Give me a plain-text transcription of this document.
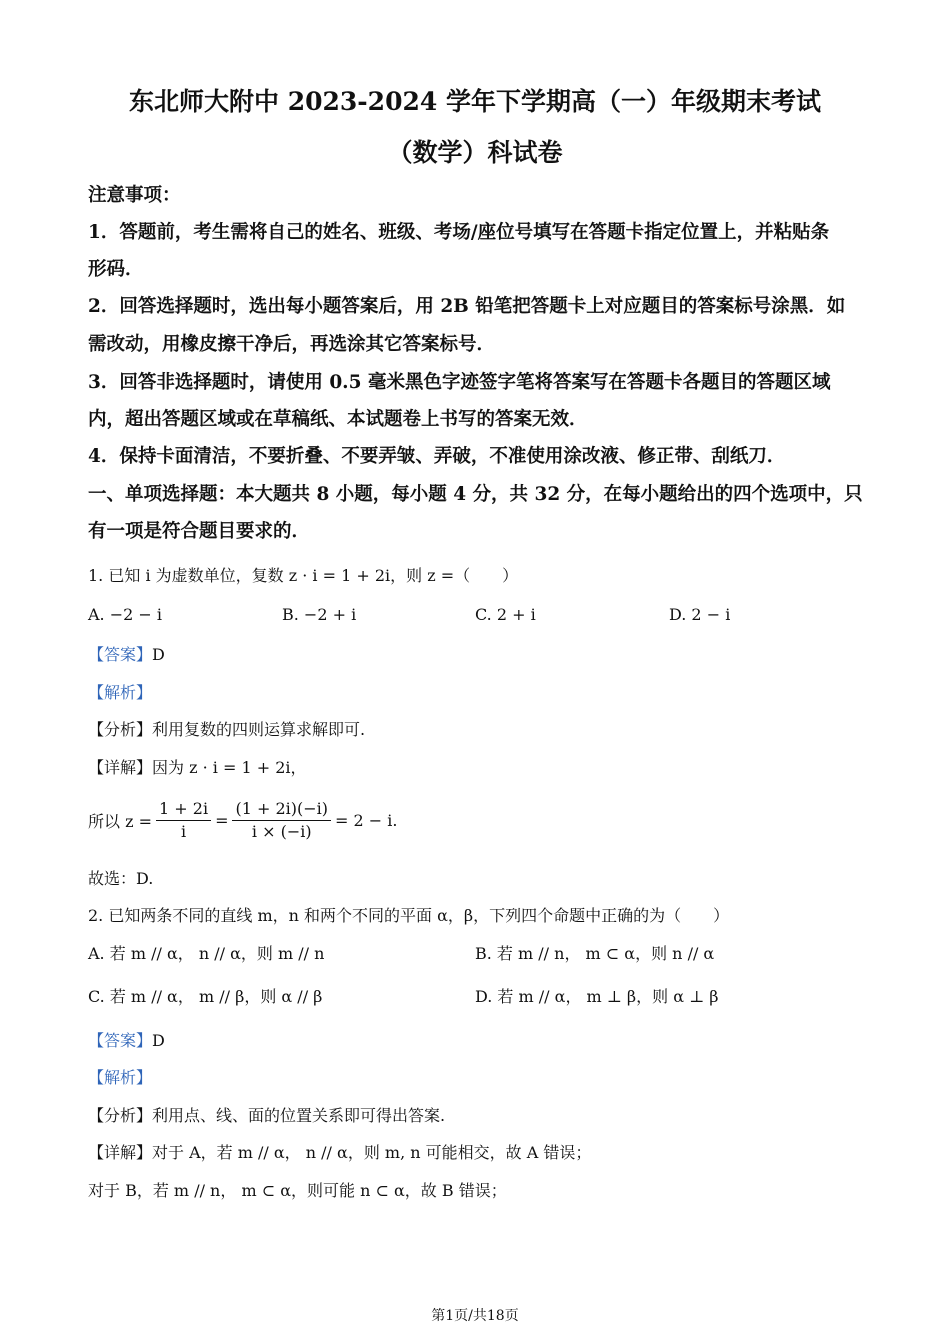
东北师大附中 2023-2024 学年下学期高（一）年级期末考试
（数学）科试卷
注意事项：
1．答题前，考生需将自己的姓名、班级、考场/座位号填写在答题卡指定位置上，并粘贴条
形码．
2．回答选择题时，选出每小题答案后，用 2B 铅笔把答题卡上对应题目的答案标号涂黑．如
需改动，用橡皮擦干净后，再选涂其它答案标号．
3．回答非选择题时，请使用 0.5 毫米黑色字迹签字笔将答案写在答题卡各题目的答题区域
内，超出答题区域或在草稿纸、本试题卷上书写的答案无效．
4．保持卡面清洁，不要折叠、不要弄皱、弄破，不准使用涂改液、修正带、刮纸刀．
一、单项选择题：本大题共 8 小题，每小题 4 分，共 32 分，在每小题给出的四个选项中，只
有一项是符合题目要求的．
1. 已知 i 为虚数单位，复数 z · i = 1 + 2i，则 z =（　　）
A. −2 − i	B. −2 + i	C. 2 + i	D. 2 − i
【答案】D
【解析】
【分析】利用复数的四则运算求解即可.
【详解】因为 z · i = 1 + 2i，
所以 $z = \frac{1 + 2i}{i} = \frac{(1 + 2i)(-i)}{i \times (-i)} = 2 - i$.
故选：D.
2. 已知两条不同的直线 m，n 和两个不同的平面 α，β，下列四个命题中正确的为（　　）
A. 若 m // α， n // α，则 m // n	B. 若 m // n， m ⊂ α，则 n // α
C. 若 m // α， m // β，则 α // β	D. 若 m // α， m ⊥ β，则 α ⊥ β
【答案】D
【解析】
【分析】利用点、线、面的位置关系即可得出答案.
【详解】对于 A，若 m // α， n // α，则 m, n 可能相交，故 A 错误；
对于 B，若 m // n， m ⊂ α，则可能 n ⊂ α，故 B 错误；
第1页/共18页
